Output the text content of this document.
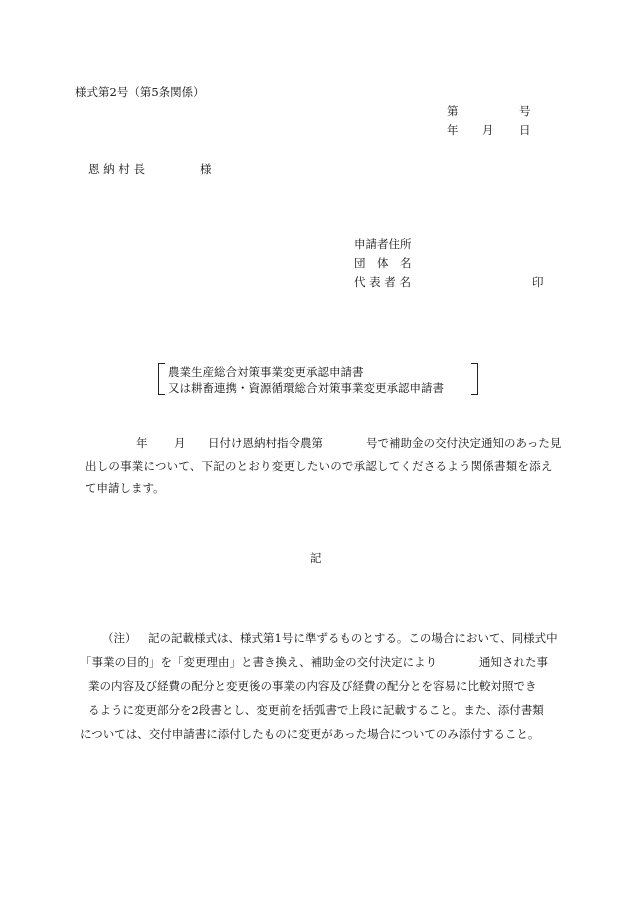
様式第2号（第5条関係）
第	号
年 月 日
恩 納 村 長	様
申請者住所
団　体　名
代 表 者 名	印
農業生産総合対策事業変更承認申請書
又は耕畜連携・資源循環総合対策事業変更承認申請書
年 月 日付け恩納村指令農第	号で補助金の交付決定通知のあった見
出しの事業について、下記のとおり変更したいので承認してくださるよう関係書類を添え
て申請します。
記
（注） 記の記載様式は、様式第1号に準ずるものとする。この場合において、同様式中
「事業の目的」を「変更理由」と書き換え、補助金の交付決定により	通知された事
業の内容及び経費の配分と変更後の事業の内容及び経費の配分とを容易に比較対照でき
るように変更部分を2段書とし、変更前を括弧書で上段に記載すること。また、添付書類
については、交付申請書に添付したものに変更があった場合についてのみ添付すること。
